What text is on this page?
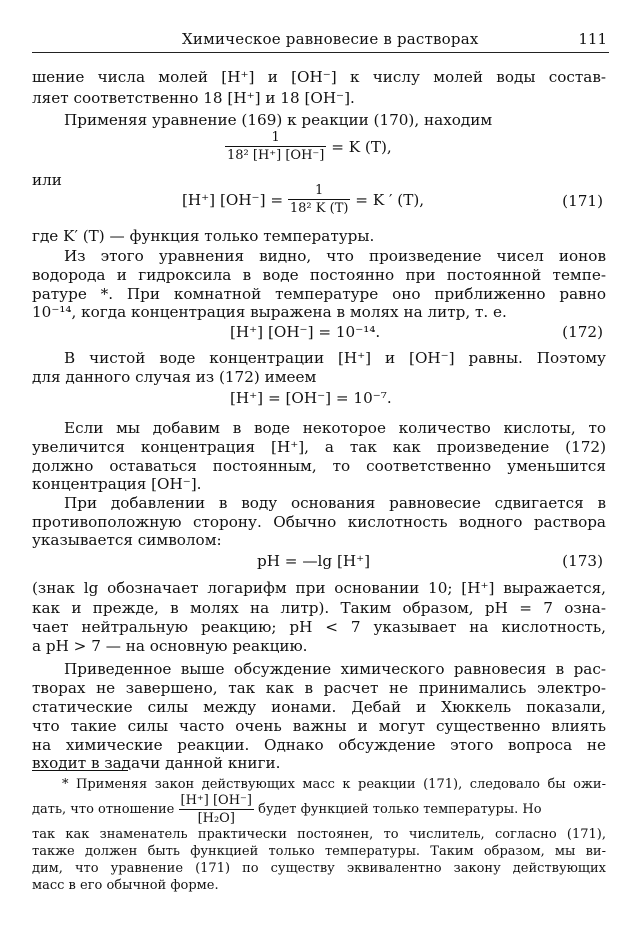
Химическое равновесие в растворах	111
шение числа молей [H⁺] и [OH⁻] к числу молей воды состав-
ляет соответственно 18 [H⁺] и 18 [OH⁻].
Применяя уравнение (169) к реакции (170), находим
$\frac{1}{\text{18² [H⁺] [OH⁻]}} = K$ (T),
или
[H⁺] $[OH^-] = \frac{1}{\text{18² K (T)}} = K$ ′ (T),	(171)
где K′ (T) — функция только температуры.
Из этого уравнения видно, что произведение чисел ионов
водорода и гидроксила в воде постоянно при постоянной темпе-
ратуре *. При комнатной температуре оно приближенно равно
10⁻¹⁴, когда концентрация выражена в молях на литр, т. е.
[H⁺] [OH⁻] = 10⁻¹⁴.	(172)
В чистой воде концентрации [H⁺] и [OH⁻] равны. Поэтому
для данного случая из (172) имеем
[H⁺] = [OH⁻] = 10⁻⁷.
Если мы добавим в воде некоторое количество кислоты, то
увеличится концентрация [H⁺], а так как произведение (172)
должно оставаться постоянным, то соответственно уменьшится
концентрация [OH⁻].
При добавлении в воду основания равновесие сдвигается в
противоположную сторону. Обычно кислотность водного раствора
указывается символом:
pH = —lg [H⁺]	(173)
(знак lg обозначает логарифм при основании 10; [H⁺] выражается,
как и прежде, в молях на литр). Таким образом, pH = 7 озна-
чает нейтральную реакцию; pH < 7 указывает на кислотность,
а pH > 7 — на основную реакцию.
Приведенное выше обсуждение химического равновесия в рас-
творах не завершено, так как в расчет не принимались электро-
статические силы между ионами. Дебай и Хюккель показали,
что такие силы часто очень важны и могут существенно влиять
на химические реакции. Однако обсуждение этого вопроса не
входит в задачи данной книги.
* Применяя закон действующих масс к реакции (171), следовало бы ожи-
дать, что отношение $\frac{[H^+] [OH^-]}{\text{[H₂O]}}$ будет функцией только температуры. Но
так как знаменатель практически постоянен, то числитель, согласно (171),
также должен быть функцией только температуры. Таким образом, мы ви-
дим, что уравнение (171) по существу эквивалентно закону действующих
масс в его обычной форме.
